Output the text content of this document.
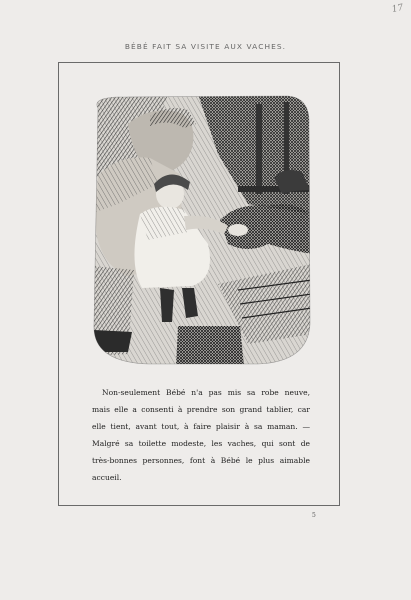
17
BÉBÉ FAIT SA VISITE AUX VACHES.

Non-seulement Bébé n'a pas mis sa robe neuve,
mais elle a consenti à prendre son grand tablier, car
elle tient, avant tout, à faire plaisir à sa maman. —
Malgré sa toilette modeste, les vaches, qui sont de
très-bonnes personnes, font à Bébé le plus aimable
accueil.

5
